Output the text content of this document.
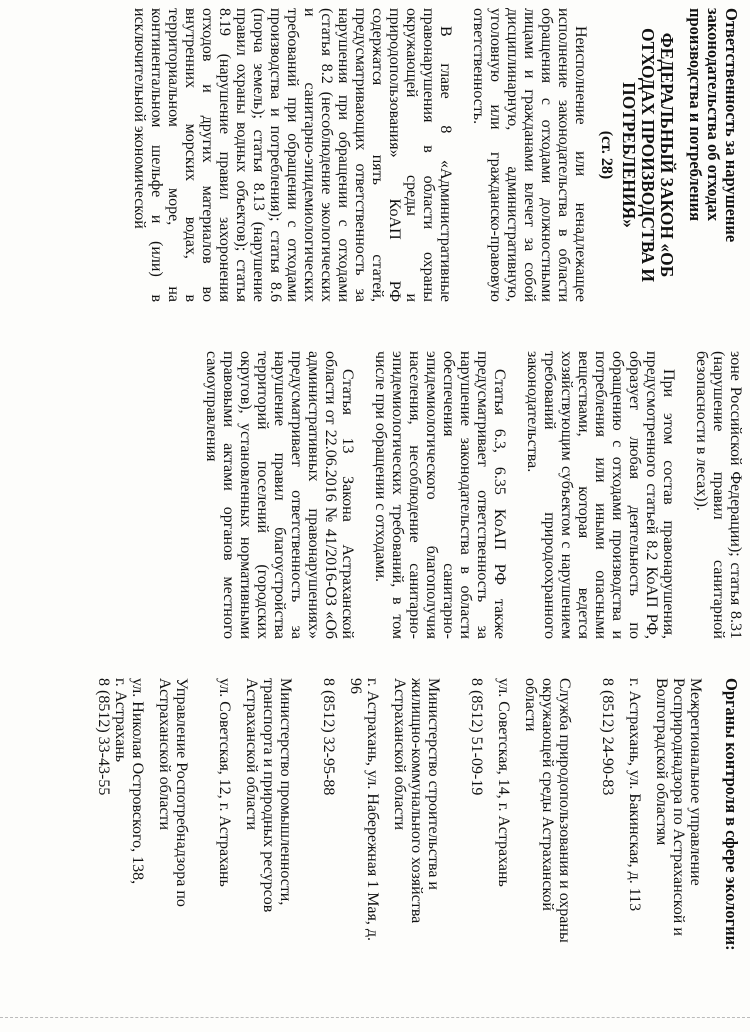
Ответственность за нарушение законодательства об отходах производства и потребления

ФЕДЕРАЛЬНЫЙ ЗАКОН «ОБ ОТХОДАХ ПРОИЗВОДСТВА И ПОТРЕБЛЕНИЯ»

(ст. 28)

Неисполнение или ненадлежащее исполнение законодательства в области обращения с отходами должностными лицами и гражданами влечет за собой дисциплинарную, административную, уголовную или гражданско-правовую ответственность.

В главе 8 «Административные правонарушения в области охраны окружающей среды и природопользования» КоАП РФ содержатся пять статей, предусматривающих ответственность за нарушения при обращении с отходами (статья 8.2 (несоблюдение экологических и санитарно-эпидемиологических требований при обращении с отходами производства и потребления); статья 8.6 (порча земель); статья 8.13 (нарушение правил охраны водных объектов); статья 8.19 (нарушение правил захоронения отходов и других материалов во внутренних морских водах, в территориальном море, на континентальном шельфе и (или) в исключительной экономической

зоне Российской Федерации); статья 8.31 (нарушение правил санитарной безопасности в лесах)).

При этом состав правонарушения, предусмотренного статьей 8.2 КоАП РФ, образует любая деятельность по обращению с отходами производства и потребления или иными опасными веществами, которая ведется хозяйствующим субъектом с нарушением требований природоохранного законодательства.

Статья 6.3, 6.35 КоАП РФ также предусматривает ответственность за нарушение законодательства в области обеспечения санитарно-эпидемиологического благополучия населения, несоблюдение санитарно-эпидемиологических требований, в том числе при обращении с отходами.

Статья 13 Закона Астраханской области от 22.06.2016 № 41/2016-ОЗ «Об административных правонарушениях» предусматривает ответственность за нарушение правил благоустройства территорий поселений (городских округов), установленных нормативными правовыми актами органов местного самоуправления

Органы контроля в сфере экологии:

Межрегиональное управление Росприроднадзора по Астраханской и Волгоградской областям

г. Астрахань, ул. Бакинская, д. 113

8 (8512) 24-90-83

Служба природопользования и охраны окружающей среды Астраханской области

ул. Советская, 14, г. Астрахань

8 (8512) 51-09-19

Министерство строительства и жилищно-коммунального хозяйства Астраханской области

г. Астрахань, ул. Набережная 1 Мая, д. 96

8 (8512) 32-95-88

Министерство промышленности, транспорта и природных ресурсов Астраханской области

ул. Советская, 12, г. Астрахань

Управление Роспотребнадзора по Астраханской области

ул. Николая Островского, 138,

г. Астрахань

8 (8512) 33-43-55
